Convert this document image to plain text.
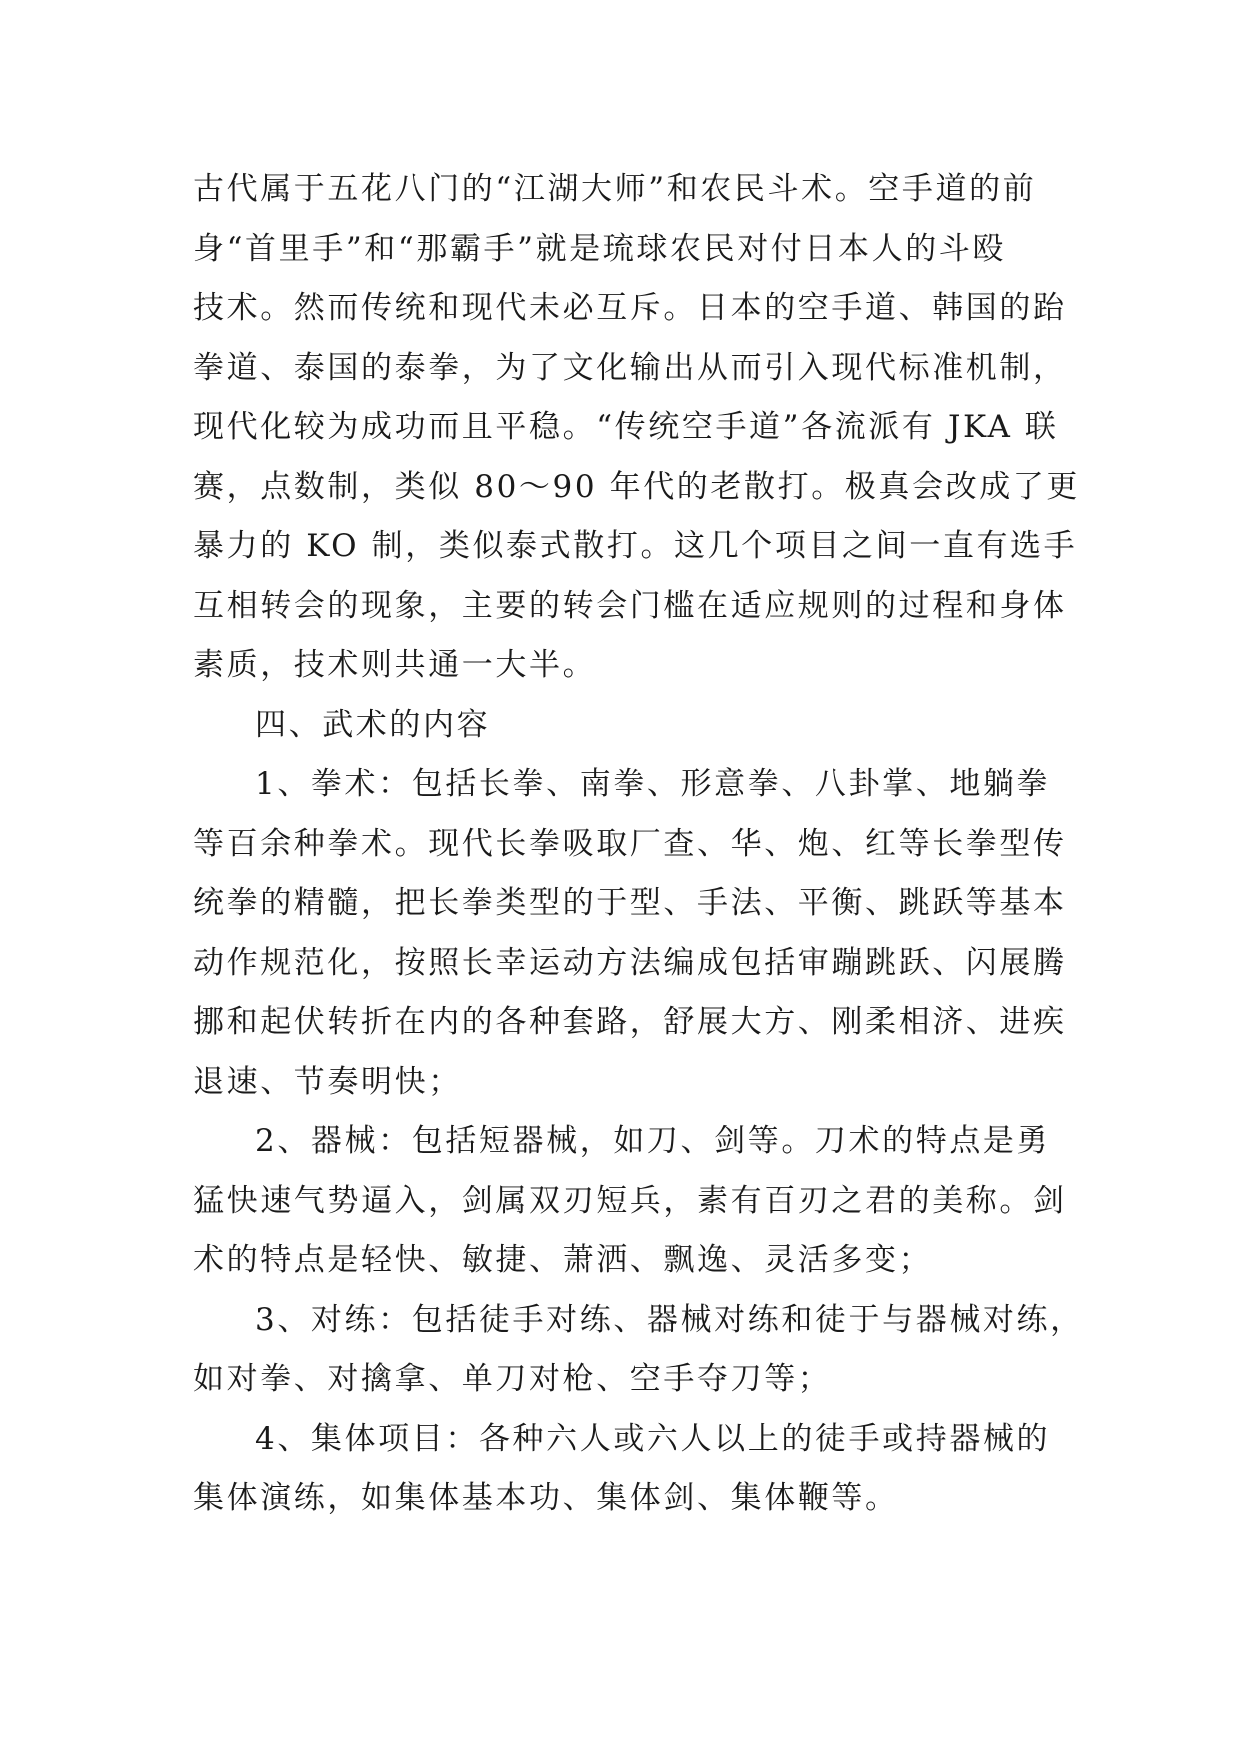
古代属于五花八门的“江湖大师”和农民斗术。空手道的前
身“首里手”和“那霸手”就是琉球农民对付日本人的斗殴
技术。然而传统和现代未必互斥。日本的空手道、韩国的跆
拳道、泰国的泰拳，为了文化输出从而引入现代标准机制，
现代化较为成功而且平稳。“传统空手道”各流派有 JKA 联
赛，点数制，类似 80～90 年代的老散打。极真会改成了更
暴力的 KO 制，类似泰式散打。这几个项目之间一直有选手
互相转会的现象，主要的转会门槛在适应规则的过程和身体
素质，技术则共通一大半。

四、武术的内容

1、拳术：包括长拳、南拳、形意拳、八卦掌、地躺拳
等百余种拳术。现代长拳吸取厂查、华、炮、红等长拳型传
统拳的精髓，把长拳类型的于型、手法、平衡、跳跃等基本
动作规范化，按照长幸运动方法编成包括审蹦跳跃、闪展腾
挪和起伏转折在内的各种套路，舒展大方、刚柔相济、进疾
退速、节奏明快；

2、器械：包括短器械，如刀、剑等。刀术的特点是勇
猛快速气势逼入，剑属双刃短兵，素有百刃之君的美称。剑
术的特点是轻快、敏捷、萧洒、飘逸、灵活多变；

3、对练：包括徒手对练、器械对练和徒于与器械对练，
如对拳、对擒拿、单刀对枪、空手夺刀等；

4、集体项目：各种六人或六人以上的徒手或持器械的
集体演练，如集体基本功、集体剑、集体鞭等。
